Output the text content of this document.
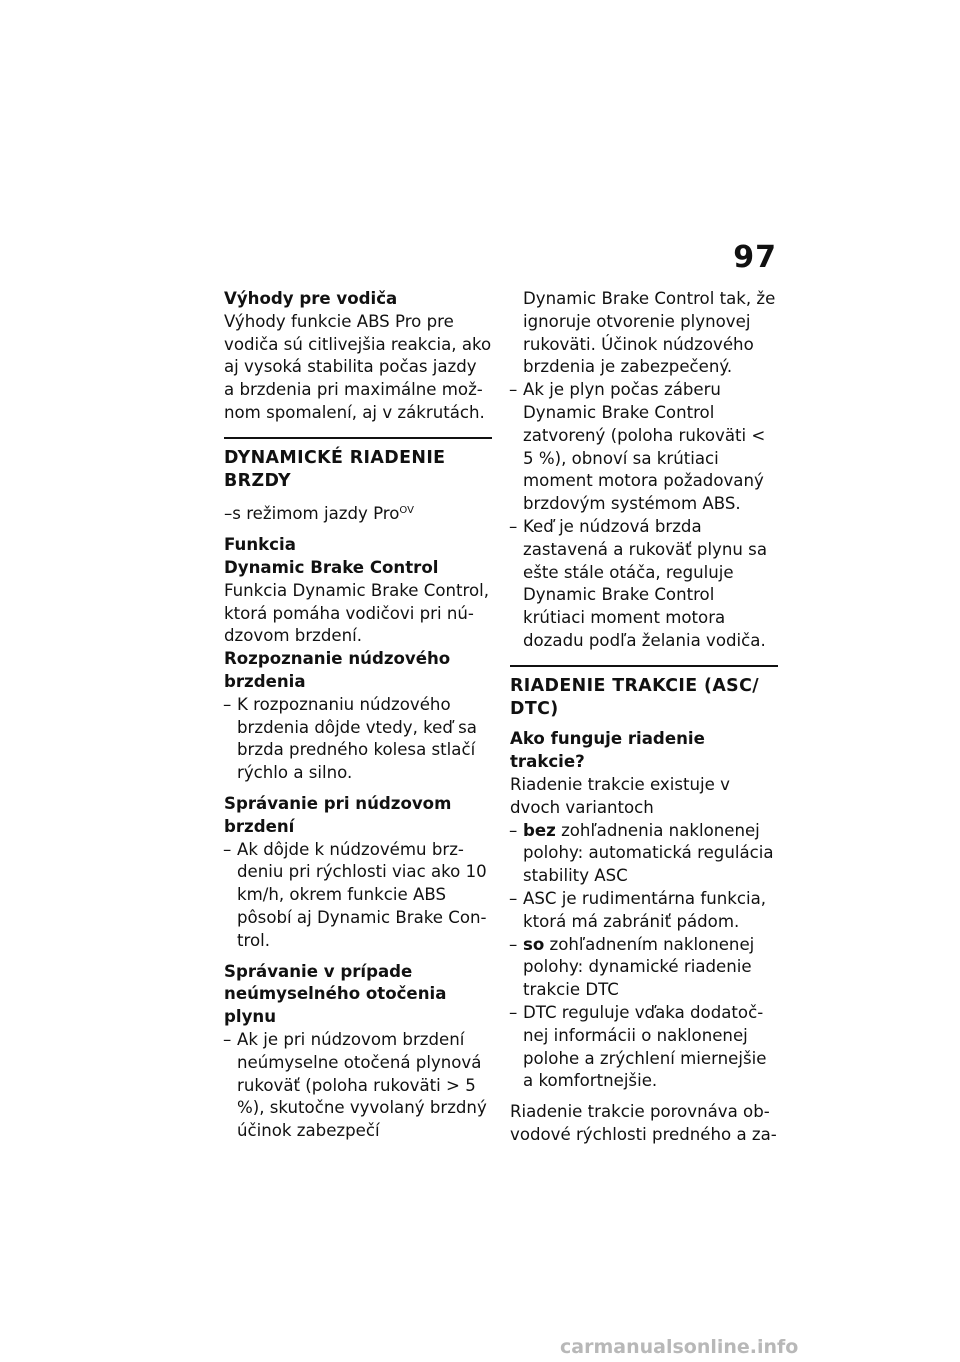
97

Výhody pre vodiča

Výhody funkcie ABS Pro pre vodiča sú citlivejšia reakcia, ako aj vysoká stabilita počas jazdy a brzdenia pri maximálne možnom spomalení, aj v zákrutách.

DYNAMICKÉ RIADENIE BRZDY

–s režimom jazdy Pro$^{OV}$

Funkcia

Dynamic Brake Control

Funkcia Dynamic Brake Control, ktorá pomáha vodičovi pri núdzovom brzdení.

Rozpoznanie núdzového brzdenia

– K rozpoznaniu núdzového brzdenia dôjde vtedy, keď sa brzda predného kolesa stlačí rýchlo a silno.

Správanie pri núdzovom brzdení

– Ak dôjde k núdzovému brzdeniu pri rýchlosti viac ako 10 km/h, okrem funkcie ABS pôsobí aj Dynamic Brake Control.

Správanie v prípade neúmyselného otočenia plynu

– Ak je pri núdzovom brzdení neúmyselne otočená plynová rukoväť (poloha rukoväti > 5 %), skutočne vyvolaný brzdný účinok zabezpečí

Dynamic Brake Control tak, že ignoruje otvorenie plynovej rukoväti. Účinok núdzového brzdenia je zabezpečený.

– Ak je plyn počas záberu Dynamic Brake Control zatvorený (poloha rukoväti < 5 %), obnoví sa krútiaci moment motora požadovaný brzdovým systémom ABS.
– Keď je núdzová brzda zastavená a rukoväť plynu sa ešte stále otáča, reguluje Dynamic Brake Control krútiaci moment motora dozadu podľa želania vodiča.

RIADENIE TRAKCIE (ASC/ DTC)

Ako funguje riadenie trakcie?

Riadenie trakcie existuje v dvoch variantoch

– bez zohľadnenia naklonenej polohy: automatická regulácia stability ASC
– ASC je rudimentárna funkcia, ktorá má zabrániť pádom.
– so zohľadnením naklonenej polohy: dynamické riadenie trakcie DTC
– DTC reguluje vďaka dodatočnej informácii o naklonenej polohe a zrýchlení miernejšie a komfortnejšie.

Riadenie trakcie porovnáva obvodové rýchlosti predného a za-

carmanualsonline.info
